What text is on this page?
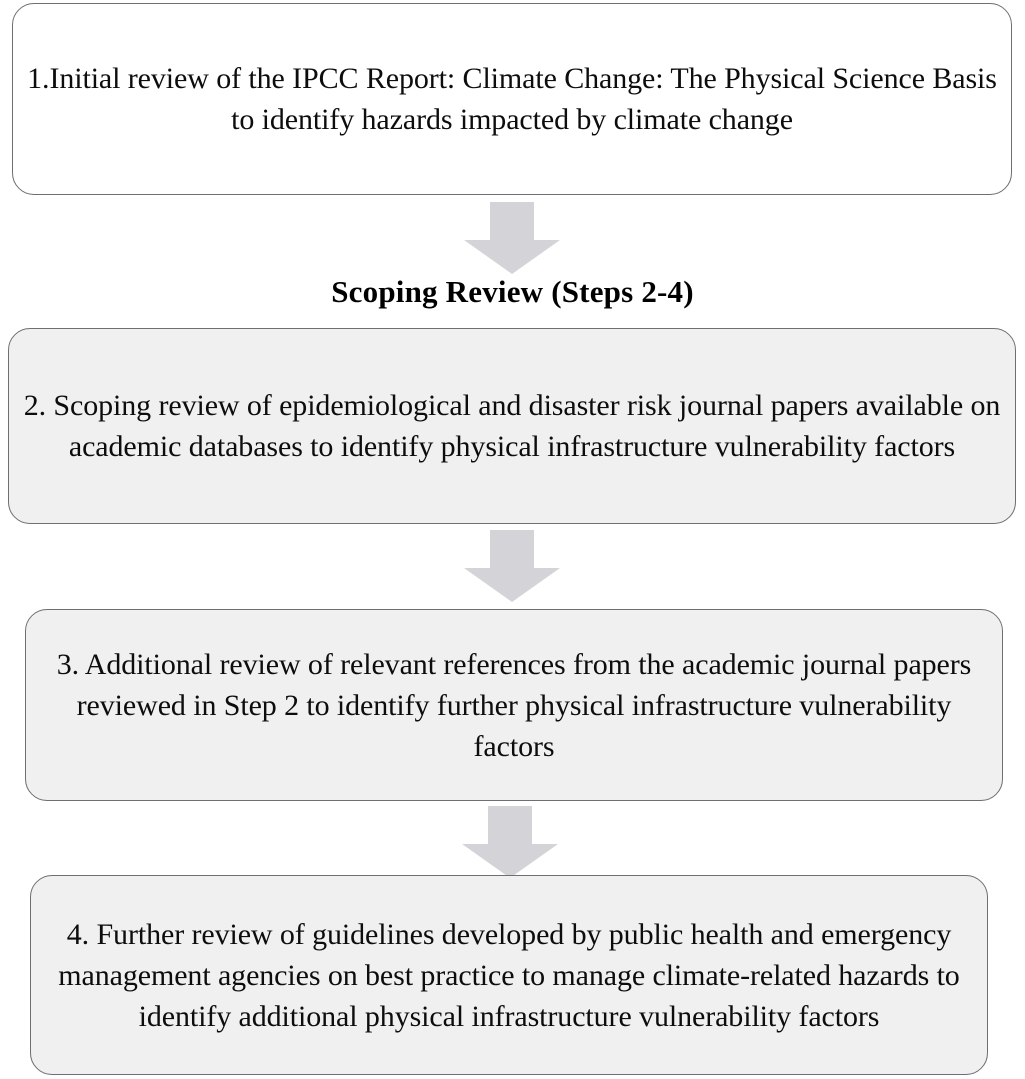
1.Initial review of the IPCC Report: Climate Change: The Physical Science Basis to identify hazards impacted by climate change
Scoping Review (Steps 2-4)
2. Scoping review of epidemiological and disaster risk journal papers available on academic databases to identify physical infrastructure vulnerability factors
3. Additional review of relevant references from the academic journal papers reviewed in Step 2 to identify further physical infrastructure vulnerability factors
4. Further review of guidelines developed by public health and emergency management agencies on best practice to manage climate-related hazards to identify additional physical infrastructure vulnerability factors
